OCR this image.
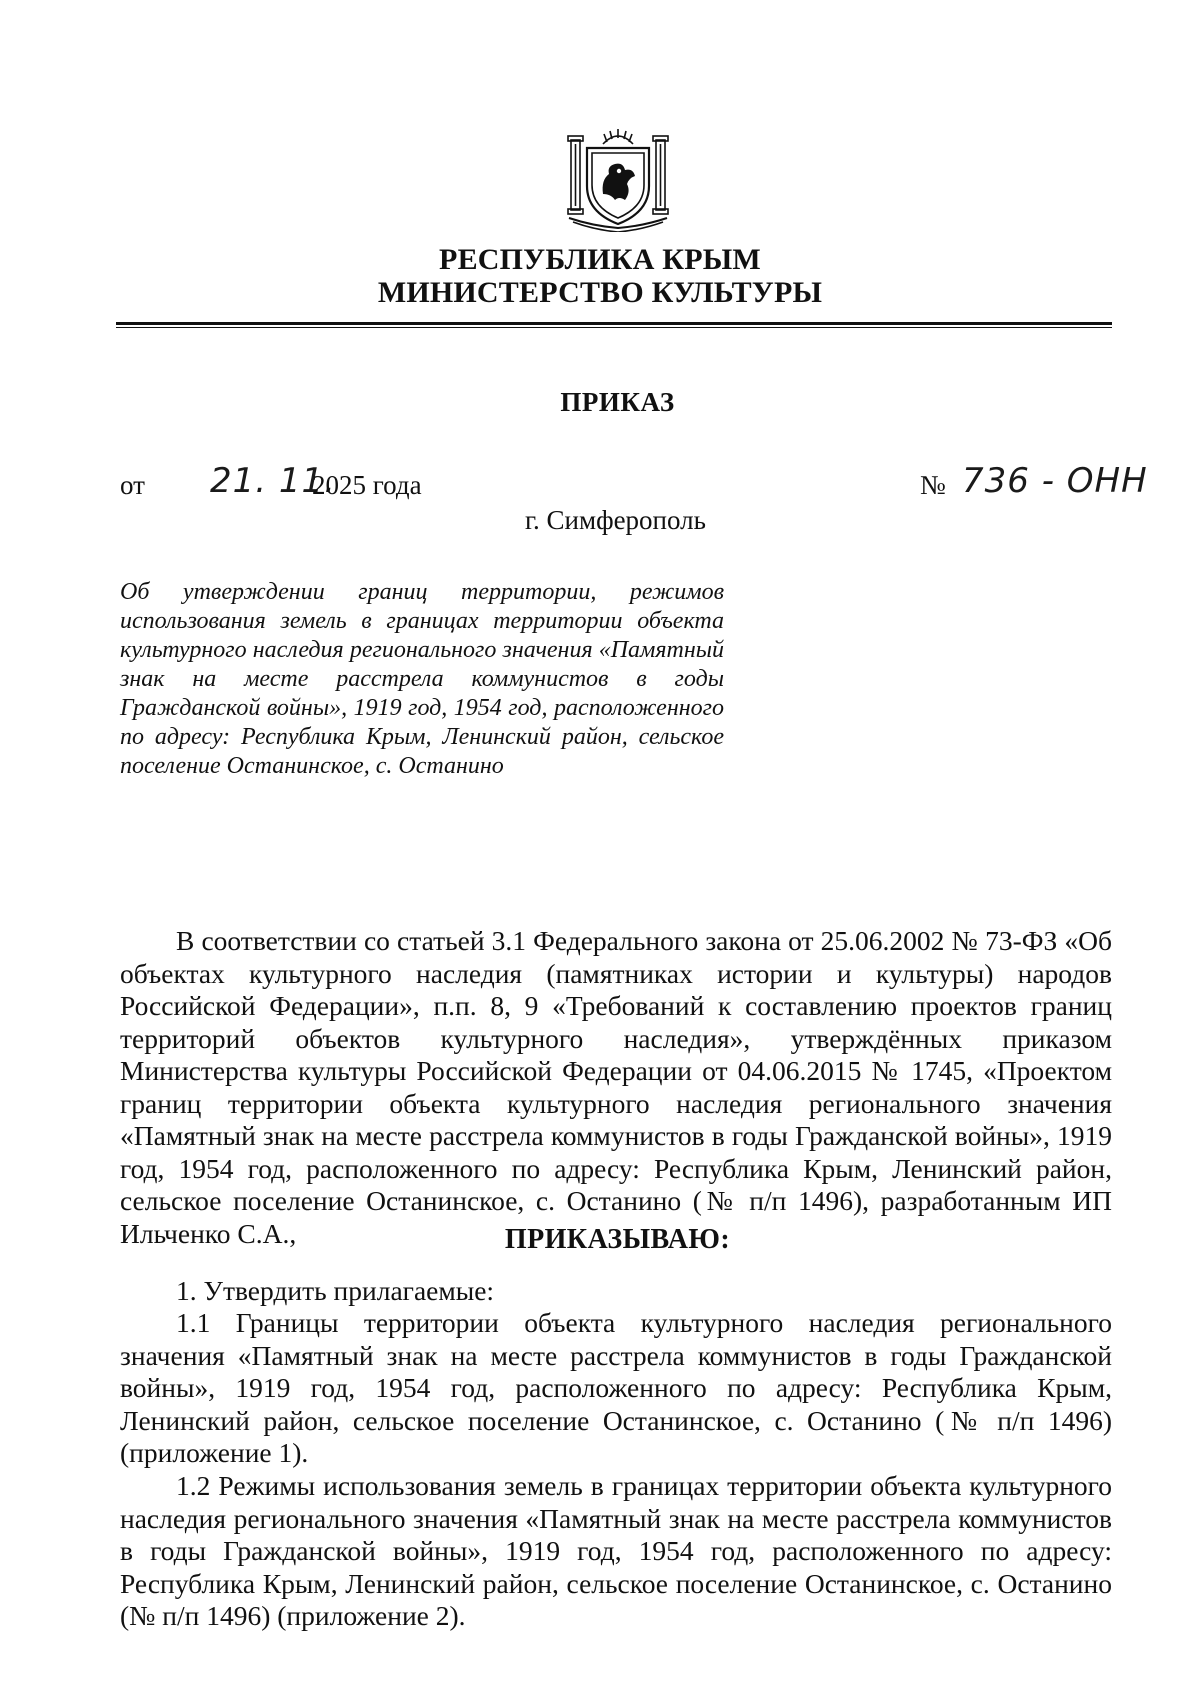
РЕСПУБЛИКА КРЫМ
МИНИСТЕРСТВО КУЛЬТУРЫ
ПРИКАЗ
от 21. 11.
2025 года	№ 736 - ОНН
г. Симферополь
Об утверждении границ территории, режимов использования земель в границах территории объекта культурного наследия регионального значения «Памятный знак на месте расстрела коммунистов в годы Гражданской войны», 1919 год, 1954 год, расположенного по адресу: Республика Крым, Ленинский район, сельское поселение Останинское, с. Останино
В соответствии со статьей 3.1 Федерального закона от 25.06.2002 № 73-ФЗ «Об объектах культурного наследия (памятниках истории и культуры) народов Российской Федерации», п.п. 8, 9 «Требований к составлению проектов границ территорий объектов культурного наследия», утверждённых приказом Министерства культуры Российской Федерации от 04.06.2015 № 1745, «Проектом границ территории объекта культурного наследия регионального значения «Памятный знак на месте расстрела коммунистов в годы Гражданской войны», 1919 год, 1954 год, расположенного по адресу: Республика Крым, Ленинский район, сельское поселение Останинское, с. Останино (№ п/п 1496), разработанным ИП Ильченко С.А.,	ПРИКАЗЫВАЮ:
1. Утвердить прилагаемые:
1.1 Границы территории объекта культурного наследия регионального значения «Памятный знак на месте расстрела коммунистов в годы Гражданской войны», 1919 год, 1954 год, расположенного по адресу: Республика Крым, Ленинский район, сельское поселение Останинское, с. Останино (№ п/п 1496) (приложение 1).
1.2 Режимы использования земель в границах территории объекта культурного наследия регионального значения «Памятный знак на месте расстрела коммунистов в годы Гражданской войны», 1919 год, 1954 год, расположенного по адресу: Республика Крым, Ленинский район, сельское поселение Останинское, с. Останино (№ п/п 1496) (приложение 2).
